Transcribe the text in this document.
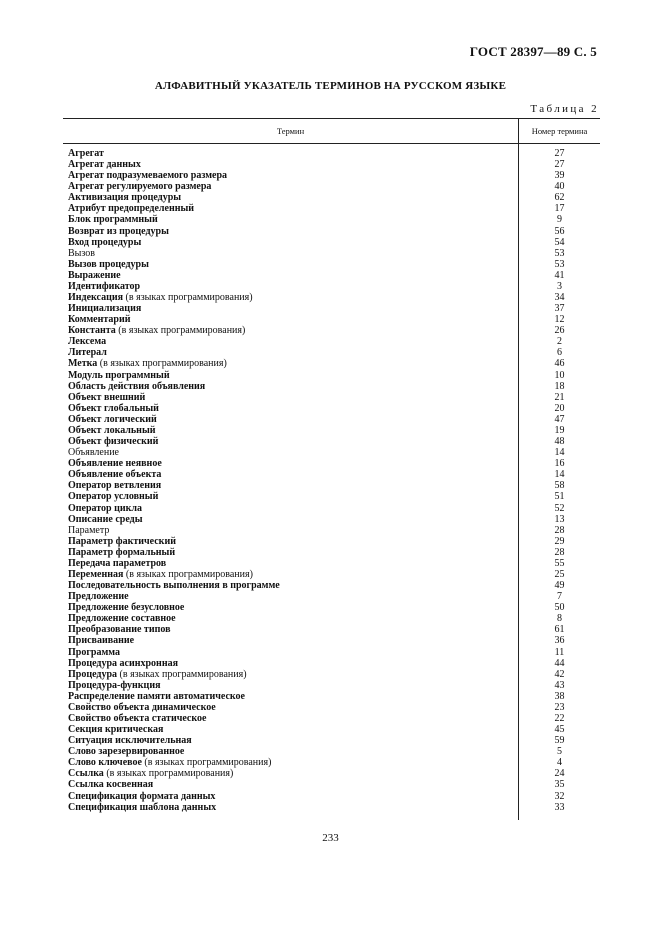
ГОСТ 28397—89 С. 5
АЛФАВИТНЫЙ УКАЗАТЕЛЬ ТЕРМИНОВ НА РУССКОМ ЯЗЫКЕ
Таблица 2
Термин	Номер термина
Агрегат	27
Агрегат данных	27
Агрегат подразумеваемого размера	39
Агрегат регулируемого размера	40
Активизация процедуры	62
Атрибут предопределенный	17
Блок программный	9
Возврат из процедуры	56
Вход процедуры	54
Вызов	53
Вызов процедуры	53
Выражение	41
Идентификатор	3
Индексация (в языках программирования)	34
Инициализация	37
Комментарий	12
Константа (в языках программирования)	26
Лексема	2
Литерал	6
Метка (в языках программирования)	46
Модуль программный	10
Область действия объявления	18
Объект внешний	21
Объект глобальный	20
Объект логический	47
Объект локальный	19
Объект физический	48
Объявление	14
Объявление неявное	16
Объявление объекта	14
Оператор ветвления	58
Оператор условный	51
Оператор цикла	52
Описание среды	13
Параметр	28
Параметр фактический	29
Параметр формальный	28
Передача параметров	55
Переменная (в языках программирования)	25
Последовательность выполнения в программе	49
Предложение	7
Предложение безусловное	50
Предложение составное	8
Преобразование типов	61
Присваивание	36
Программа	11
Процедура асинхронная	44
Процедура (в языках программирования)	42
Процедура-функция	43
Распределение памяти автоматическое	38
Свойство объекта динамическое	23
Свойство объекта статическое	22
Секция критическая	45
Ситуация исключительная	59
Слово зарезервированное	5
Слово ключевое (в языках программирования)	4
Ссылка (в языках программирования)	24
Ссылка косвенная	35
Спецификация формата данных	32
Спецификация шаблона данных	33
233
